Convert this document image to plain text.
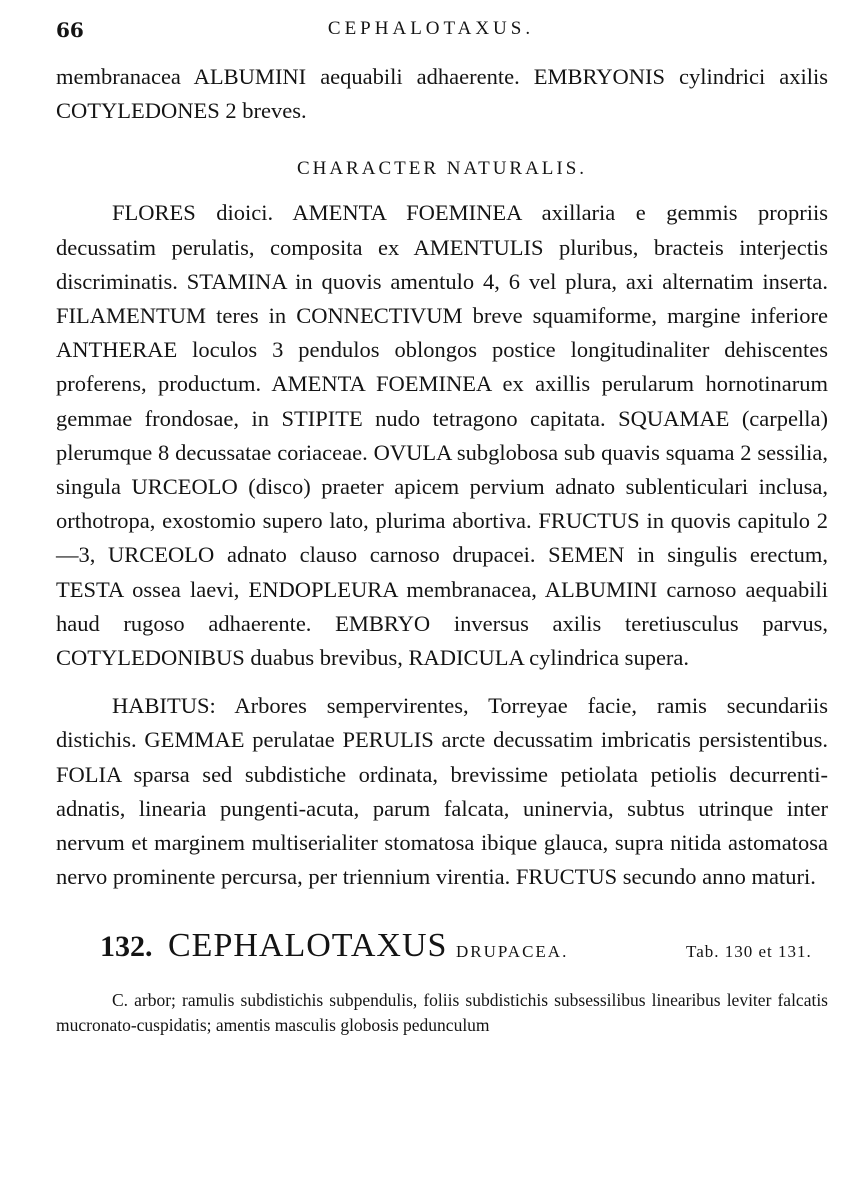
66	CEPHALOTAXUS.

membranacea ALBUMINI aequabili adhaerente. EMBRYONIS cylindrici axilis COTYLEDONES 2 breves.

CHARACTER NATURALIS.

FLORES dioici. AMENTA FOEMINEA axillaria e gemmis propriis decussatim perulatis, composita ex AMENTULIS pluribus, bracteis interjectis discriminatis. STAMINA in quovis amentulo 4, 6 vel plura, axi alternatim inserta. FILAMENTUM teres in CONNECTIVUM breve squamiforme, margine inferiore ANTHERAE loculos 3 pendulos oblongos postice longitudinaliter dehiscentes proferens, productum. AMENTA FOEMINEA ex axillis perularum hornotinarum gemmae frondosae, in STIPITE nudo tetragono capitata. SQUAMAE (carpella) plerumque 8 decussatae coriaceae. OVULA subglobosa sub quavis squama 2 sessilia, singula URCEOLO (disco) praeter apicem pervium adnato sublenticulari inclusa, orthotropa, exostomio supero lato, plurima abortiva. FRUCTUS in quovis capitulo 2—3, URCEOLO adnato clauso carnoso drupacei. SEMEN in singulis erectum, TESTA ossea laevi, ENDOPLEURA membranacea, ALBUMINI carnoso aequabili haud rugoso adhaerente. EMBRYO inversus axilis teretiusculus parvus, COTYLEDONIBUS duabus brevibus, RADICULA cylindrica supera.

HABITUS: Arbores sempervirentes, Torreyae facie, ramis secundariis distichis. GEMMAE perulatae PERULIS arcte decussatim imbricatis persistentibus. FOLIA sparsa sed subdistiche ordinata, brevissime petiolata petiolis decurrenti-adnatis, linearia pungenti-acuta, parum falcata, uninervia, subtus utrinque inter nervum et marginem multiserialiter stomatosa ibique glauca, supra nitida astomatosa nervo prominente percursa, per triennium virentia. FRUCTUS secundo anno maturi.

132. CEPHALOTAXUS DRUPACEA.	Tab. 130 et 131.

C. arbor; ramulis subdistichis subpendulis, foliis subdistichis subsessilibus linearibus leviter falcatis mucronato-cuspidatis; amentis masculis globosis pedunculum
